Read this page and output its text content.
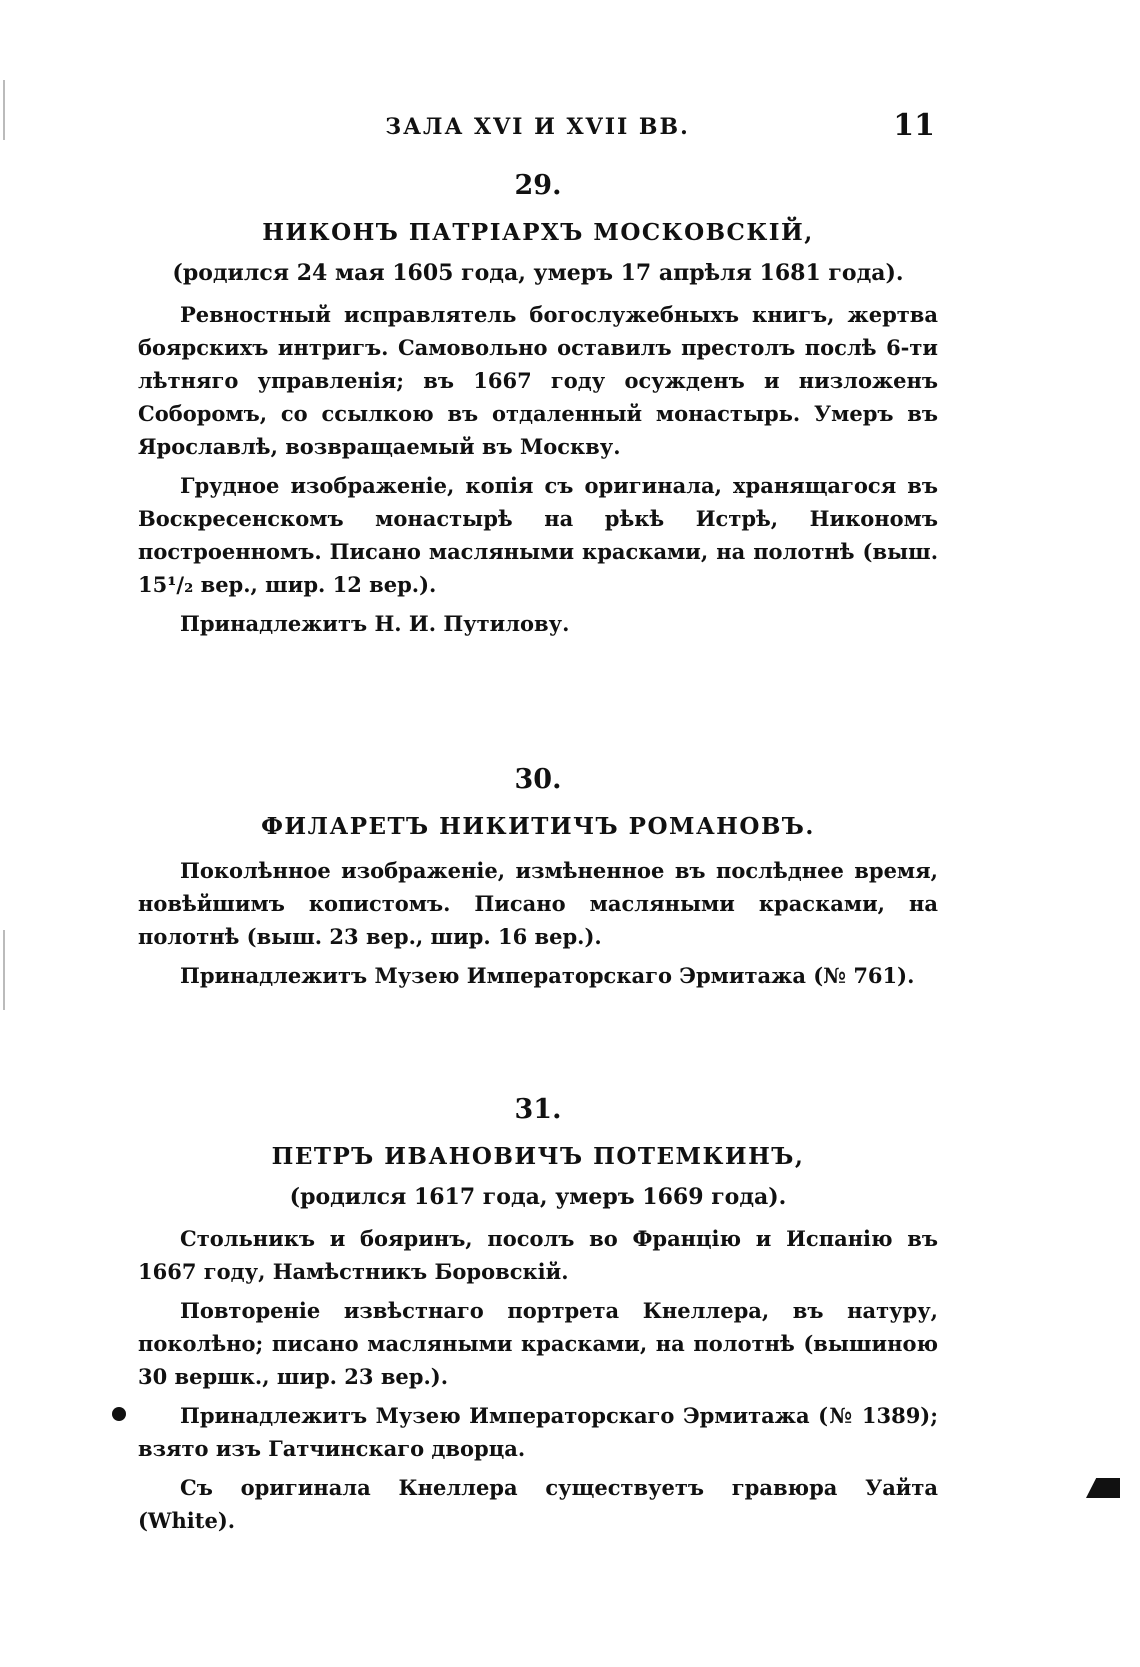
ЗАЛА XVI И XVII ВВ.	11
29.
НИКОНЪ ПАТРІАРХЪ МОСКОВСКІЙ,
(родился 24 мая 1605 года, умеръ 17 апрѣля 1681 года).

Ревностный исправлятель богослужебныхъ книгъ, жертва боярскихъ интригъ. Самовольно оставилъ престолъ послѣ 6-ти лѣтняго управленія; въ 1667 году осужденъ и низложенъ Соборомъ, со ссылкою въ отдаленный монастырь. Умеръ въ Ярославлѣ, возвращаемый въ Москву.

Грудное изображеніе, копія съ оригинала, хранящагося въ Воскресенскомъ монастырѣ на рѣкѣ Истрѣ, Никономъ построенномъ. Писано масляными красками, на полотнѣ (выш. 15¹/₂ вер., шир. 12 вер.).

Принадлежитъ Н. И. Путилову.

30.
ФИЛАРЕТЪ НИКИТИЧЪ РОМАНОВЪ.

Поколѣнное изображеніе, измѣненное въ послѣднее время, новѣйшимъ копистомъ. Писано масляными красками, на полотнѣ (выш. 23 вер., шир. 16 вер.).

Принадлежитъ Музею Императорскаго Эрмитажа (№ 761).

31.
ПЕТРЪ ИВАНОВИЧЪ ПОТЕМКИНЪ,
(родился 1617 года, умеръ 1669 года).

Стольникъ и бояринъ, посолъ во Францію и Испанію въ 1667 году, Намѣстникъ Боровскій.

Повтореніе извѣстнаго портрета Кнеллера, въ натуру, поколѣно; писано масляными красками, на полотнѣ (вышиною 30 вершк., шир. 23 вер.).

Принадлежитъ Музею Императорскаго Эрмитажа (№ 1389); взято изъ Гатчинскаго дворца.

Съ оригинала Кнеллера существуетъ гравюра Уайта (White).
